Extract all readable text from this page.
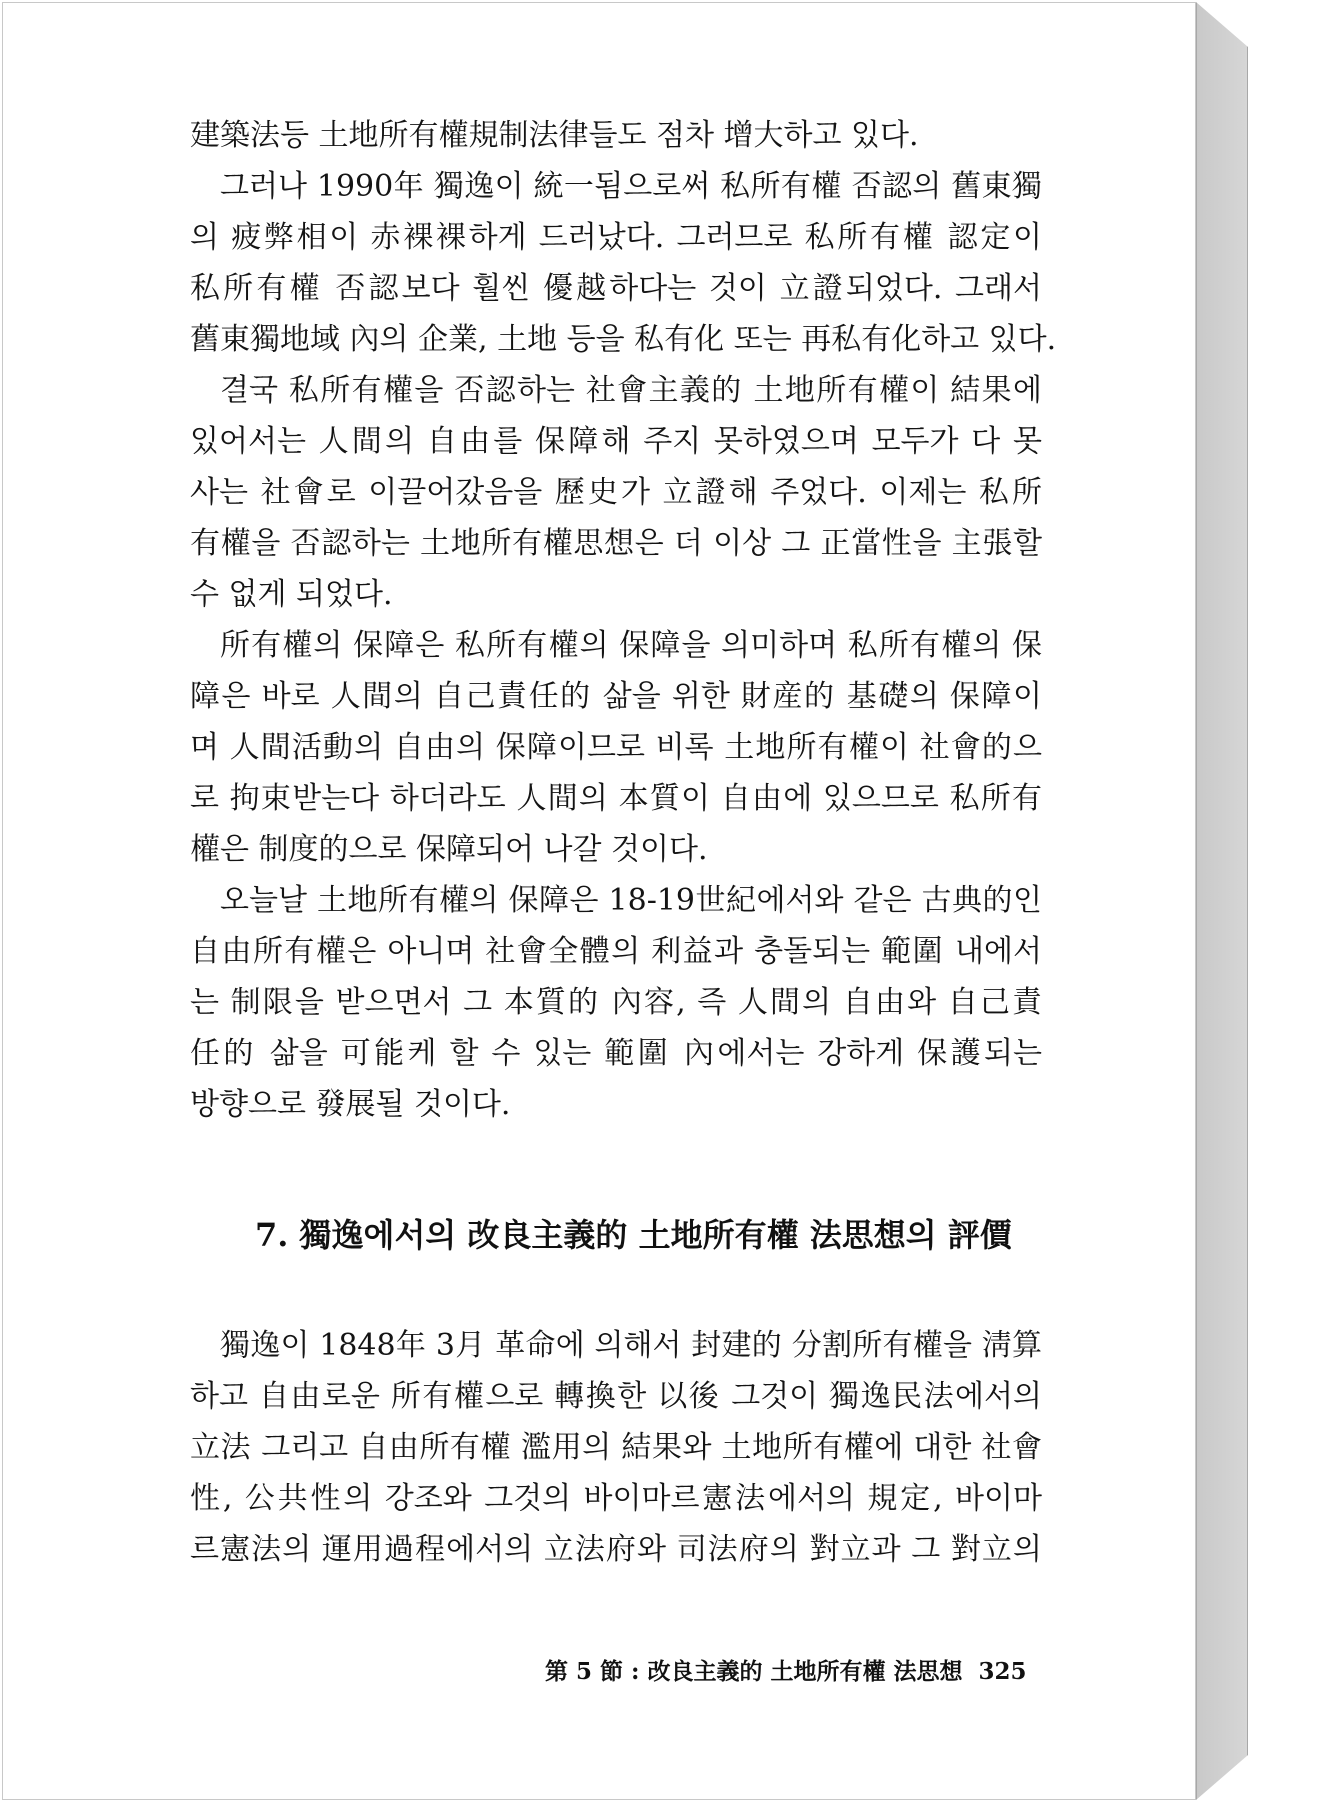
建築法등 土地所有權規制法律들도 점차 增大하고 있다.
그러나 1990年 獨逸이 統一됨으로써 私所有權 否認의 舊東獨
의 疲弊相이 赤裸裸하게 드러났다. 그러므로 私所有權 認定이
私所有權 否認보다 훨씬 優越하다는 것이 立證되었다. 그래서
舊東獨地域 內의 企業, 土地 등을 私有化 또는 再私有化하고 있다.
결국 私所有權을 否認하는 社會主義的 土地所有權이 結果에
있어서는 人間의 自由를 保障해 주지 못하였으며 모두가 다 못
사는 社會로 이끌어갔음을 歷史가 立證해 주었다. 이제는 私所
有權을 否認하는 土地所有權思想은 더 이상 그 正當性을 主張할
수 없게 되었다.
所有權의 保障은 私所有權의 保障을 의미하며 私所有權의 保
障은 바로 人間의 自己責任的 삶을 위한 財産的 基礎의 保障이
며 人間活動의 自由의 保障이므로 비록 土地所有權이 社會的으
로 拘束받는다 하더라도 人間의 本質이 自由에 있으므로 私所有
權은 制度的으로 保障되어 나갈 것이다.
오늘날 土地所有權의 保障은 18-19世紀에서와 같은 古典的인
自由所有權은 아니며 社會全體의 利益과 충돌되는 範圍 내에서
는 制限을 받으면서 그 本質的 內容, 즉 人間의 自由와 自己責
任的 삶을 可能케 할 수 있는 範圍 內에서는 강하게 保護되는
방향으로 發展될 것이다.
7. 獨逸에서의 改良主義的 土地所有權 法思想의 評價
獨逸이 1848年 3月 革命에 의해서 封建的 分割所有權을 淸算
하고 自由로운 所有權으로 轉換한 以後 그것이 獨逸民法에서의
立法 그리고 自由所有權 濫用의 結果와 土地所有權에 대한 社會
性, 公共性의 강조와 그것의 바이마르憲法에서의 規定, 바이마
르憲法의 運用過程에서의 立法府와 司法府의 對立과 그 對立의
第 5 節 : 改良主義的 土地所有權 法思想 325
